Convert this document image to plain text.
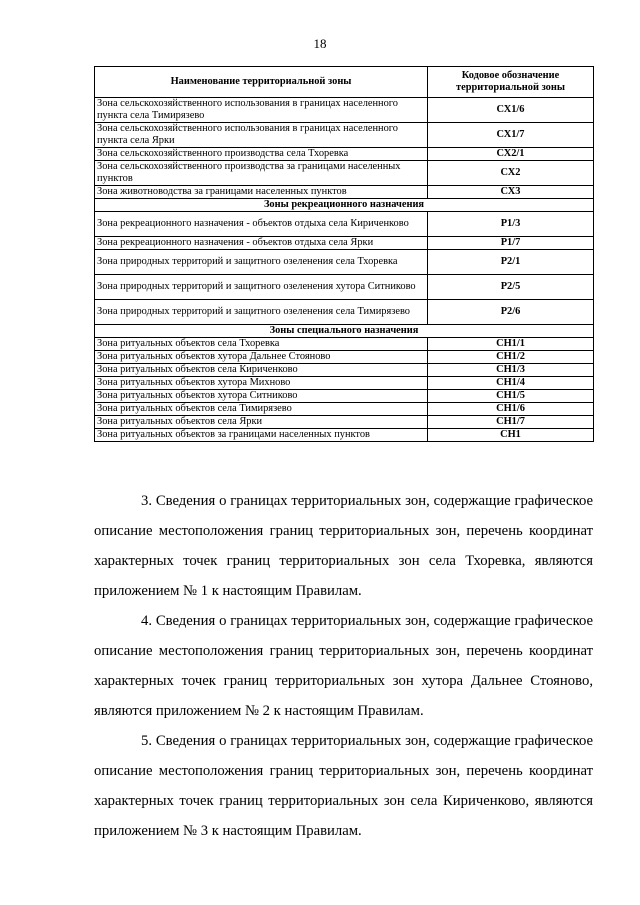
18
Наименование территориальной зоны	Кодовое обозначение территориальной зоны
Зона сельскохозяйственного использования в границах населенного пункта села Тимирязево	СХ1/6
Зона сельскохозяйственного использования в границах населенного пункта села Ярки	СХ1/7
Зона сельскохозяйственного производства села Тхоревка	СХ2/1
Зона сельскохозяйственного производства за границами населенных пунктов	СХ2
Зона животноводства за границами населенных пунктов	СХ3
Зоны рекреационного назначения	
Зона рекреационного назначения - объектов отдыха села Кириченково	Р1/3
Зона рекреационного назначения - объектов отдыха села Ярки	Р1/7
Зона природных территорий и защитного озеленения села Тхоревка	Р2/1
Зона природных территорий и защитного озеленения хутора Ситниково	Р2/5
Зона природных территорий и защитного озеленения села Тимирязево	Р2/6
Зоны специального назначения	
Зона ритуальных объектов села Тхоревка	СН1/1
Зона ритуальных объектов хутора Дальнее Стояново	СН1/2
Зона ритуальных объектов села Кириченково	СН1/3
Зона ритуальных объектов хутора Михново	СН1/4
Зона ритуальных объектов хутора Ситниково	СН1/5
Зона ритуальных объектов села Тимирязево	СН1/6
Зона ритуальных объектов села Ярки	СН1/7
Зона ритуальных объектов за границами населенных пунктов	СН1

3. Сведения о границах территориальных зон, содержащие графическое описание местоположения границ территориальных зон, перечень координат характерных точек границ территориальных зон села Тхоревка, являются приложением № 1 к настоящим Правилам.

4. Сведения о границах территориальных зон, содержащие графическое описание местоположения границ территориальных зон, перечень координат характерных точек границ территориальных зон хутора Дальнее Стояново, являются приложением № 2 к настоящим Правилам.

5. Сведения о границах территориальных зон, содержащие графическое описание местоположения границ территориальных зон, перечень координат характерных точек границ территориальных зон села Кириченково, являются приложением № 3 к настоящим Правилам.
